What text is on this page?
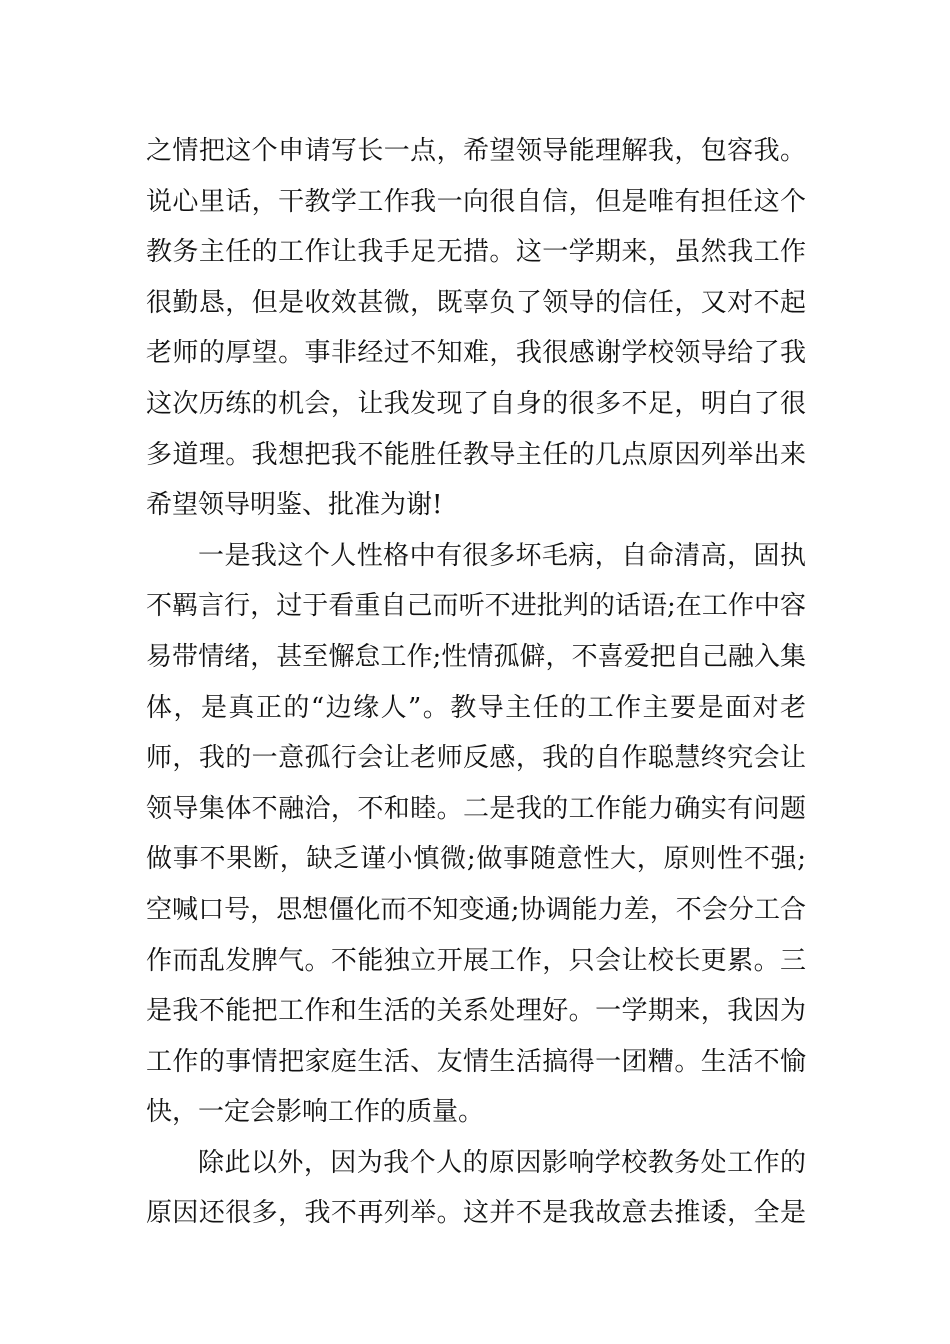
之情把这个申请写长一点，希望领导能理解我，包容我。
说心里话，干教学工作我一向很自信，但是唯有担任这个
教务主任的工作让我手足无措。这一学期来，虽然我工作
很勤恳，但是收效甚微，既辜负了领导的信任，又对不起
老师的厚望。事非经过不知难，我很感谢学校领导给了我
这次历练的机会，让我发现了自身的很多不足，明白了很
多道理。我想把我不能胜任教导主任的几点原因列举出来
希望领导明鉴、批准为谢!
一是我这个人性格中有很多坏毛病，自命清高，固执
不羁言行，过于看重自己而听不进批判的话语;在工作中容
易带情绪，甚至懈怠工作;性情孤僻，不喜爱把自己融入集
体，是真正的“边缘人”。教导主任的工作主要是面对老
师，我的一意孤行会让老师反感，我的自作聪慧终究会让
领导集体不融洽，不和睦。二是我的工作能力确实有问题
做事不果断，缺乏谨小慎微;做事随意性大，原则性不强;
空喊口号，思想僵化而不知变通;协调能力差，不会分工合
作而乱发脾气。不能独立开展工作，只会让校长更累。三
是我不能把工作和生活的关系处理好。一学期来，我因为
工作的事情把家庭生活、友情生活搞得一团糟。生活不愉
快，一定会影响工作的质量。
除此以外，因为我个人的原因影响学校教务处工作的
原因还很多，我不再列举。这并不是我故意去推诿，全是
